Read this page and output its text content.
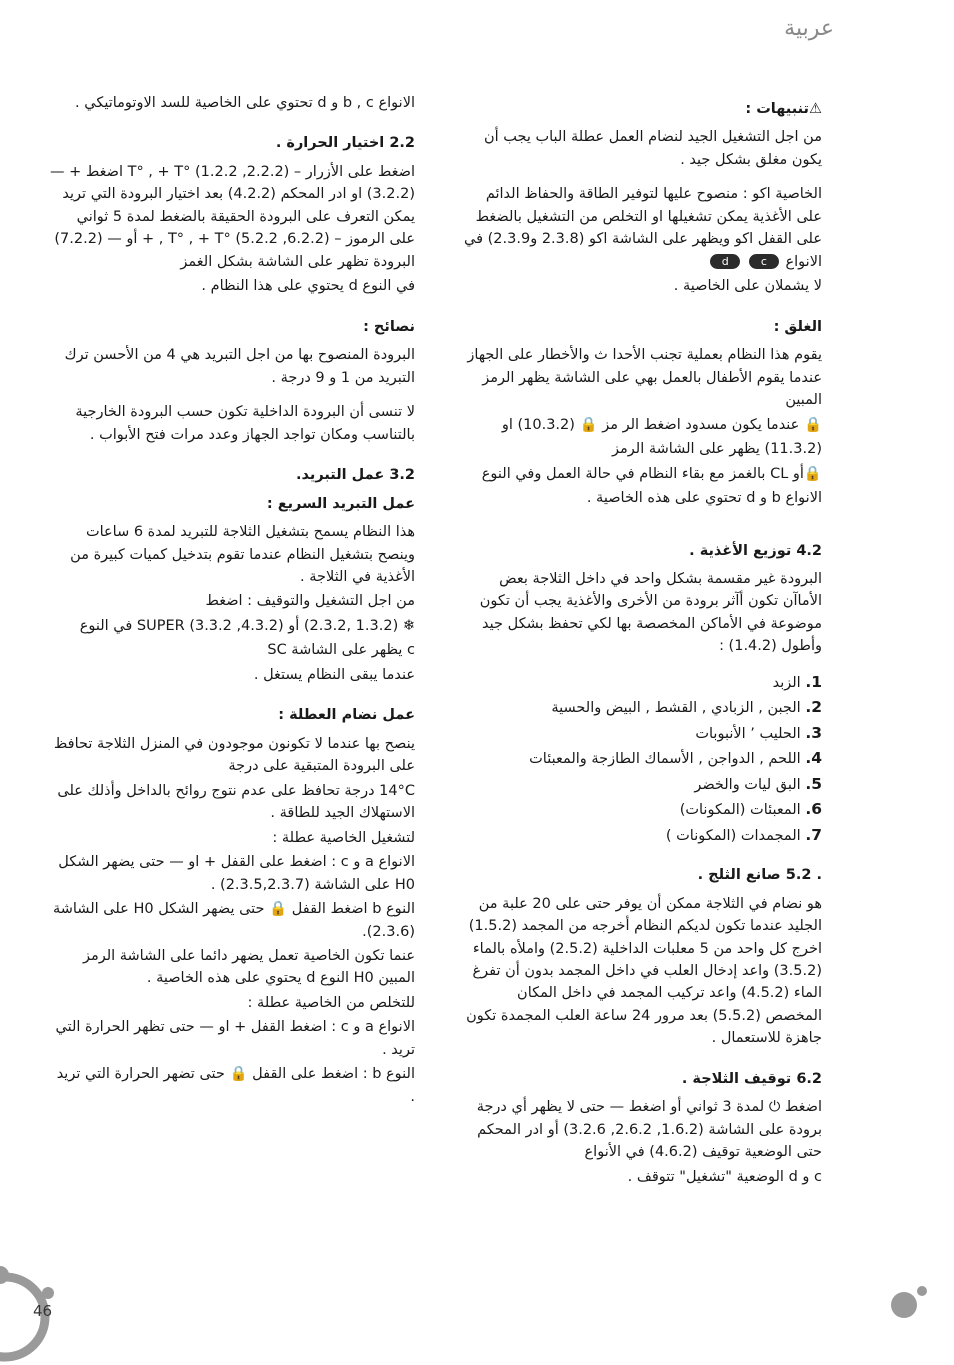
عربية

⚠تنبيهات :

من اجل التشغيل الجيد لنضام العمل عطلة الباب يجب أن يكون مغلق بشكل جيد .

الخاصية اكو : منصوح عليها لتوفير الطاقة والحفاظ الدائم على الأغذية يمكن تشغيلها او التخلص من التشغيل بالضغط على القفل اكو ويظهر على الشاشة اكو (2.3.8 و2.3.9) في الانواع c d

لا يشملان على الخاصية .

الغلق :

يقوم هذا النظام بعملية تجنب الأحدا ث والأخطار على الجهاز عندما يقوم الأطفال بالعمل بهي على الشاشة يظهر الرمز المبين

🔒 عندما يكون مسدود اضغط الر مز 🔒 (10.3.2) او

(11.3.2) يظهر على الشاشة الرمز

🔒أو CL بالغمز مع بقاء النظام في حالة العمل وفي النوع

الانواع b و d تحتوي على هذه الخاصية .

4.2 توزيع الأغذية .

البرودة غير مقسمة بشكل واحد في داخل الثلاجة بعض الأماآن تكون أآثر برودة من الأخرى والأغذية يجب أن تكون موضوعة في الأماكن المخصصة بها لكي تحفظ بشكل جيد وأطول (1.4.2) :

1. الزبد
2. الجبن , الزبادي , القشط , البيض والحسية
3. الحليب ’ الأنبوبات
4. اللحم , الدواجن , الأسماك الطازجة والمعبئات
5. البق ليات والخضر
6. المعبئات (المكونات)
7. المجمدات (المكونات )

. 5.2 صانع الثلج .

هو نضام في الثلاجة ممكن أن يوفر حتى على 20 علبة من الجليد عندما تكون لديكم النظام أخرجه من المجمد (1.5.2) اخرج كل واحد من 5 معلبات الداخلية (2.5.2) واملأه بالماء (3.5.2) واعد إدخال العلب في داخل المجمد بدون أن تفرغ الماء (4.5.2) واعد تركيب المجمد في داخل المكان المخصص (5.5.2) بعد مرور 24 ساعة العلب المجمدة تكون جاهزة للاستعمال .

6.2 توقيف الثلاجة .

اضغط ⏻ لمدة 3 ثواني أو اضغط — حتى لا يظهر أي درجة برودة على الشاشة (1.6.2, 2.6.2, 3.2.6) أو ادر المحكم حتى الوضعية توقيف (4.6.2) في الأنواع

c و d الوضعية "تشغيل" تتوقف .

الانواع b , c و d تحتوي على الخاصية للسد الاوتوماتيكي .

2.2 اختيار الحرارة .

اضغط على الأزرار – T° , + T° (1.2.2 ,2.2.2) اضغط + — (3.2.2) او ادر المحكم (4.2.2) بعد اختيار البرودة التي تريد يمكن التعرف على البرودة الحقيقة بالضغط لمدة 5 ثواني على الرموز – T° , + T° (5.2.2 ,6.2.2) , + أو — (7.2.2) البرودة تظهر على الشاشة بشكل الغمز

في النوع d يحتوي على هذا النظام .

نصائح :

البرودة المنصوح بها من اجل التبريد هي 4 من الأحسن ترك التبريد من 1 و 9 درجة .

لا تنسى أن البرودة الداخلية تكون حسب البرودة الخارجية بالتناسب ومكان تواجد الجهاز وعدد مرات فتح الأبواب .

3.2 عمل التبريد.

عمل التبريد السريع :

هذا النظام يسمح بتشغيل الثلاجة للتبريد لمدة 6 ساعات وينصح بتشغيل النظام عندما تقوم بتدخيل كميات كبيرة من الأغذية في الثلاجة .

من اجل التشغيل والتوقيف : اضغط

❄ (1.3.2 ,2.3.2) أو SUPER (3.3.2 ,4.3.2) في النوع

c يظهر على الشاشة SC

عندما يبقى النظام يستغل .

عمل نضام العطلة :

ينصح بها عندما لا تكونون موجودون في المنزل الثلاجة تحافظ على البرودة المتبقية على درجة

14°C درجة تحافظ على عدم نتوج روائح بالداخل وأذلك على الاستهلاك الجيد للطاقة .

لتشغيل الخاصية عطلة :

الانواع a و c : اضغط على القفل + او — حتى يضهر الشكل H0 على الشاشة (2.3.5,2.3.7) .

النوع b اضغط القفل 🔒 حتى يضهر الشكل H0 على الشاشة (2.3.6).

عنما تكون الخاصية تعمل يضهر دائما على الشاشة الرمز المبين H0 النوع d يحتوي على هذه الخاصية .

للتخلص من الخاصية عطلة :

الانواع a و c : اضغط القفل + او — حتى تظهر الحرارة التي تريد .

النوع b : اضغط على القفل 🔒 حتى تضهر الحرارة التي تريد .

46
